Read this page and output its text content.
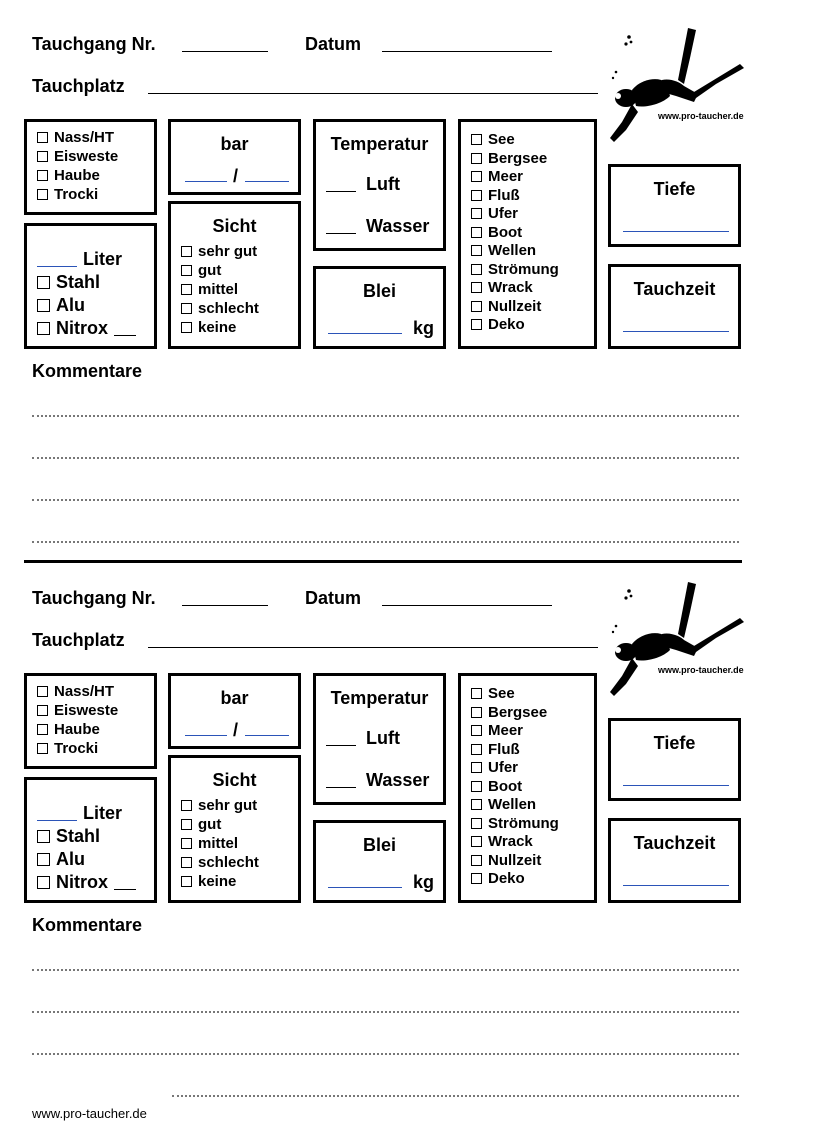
Tauchgang Nr.	Datum
Tauchplatz
www.pro-taucher.de
Nass/HT
Eisweste
Haube
Trocki
Liter
Stahl
Alu
Nitrox
bar
/
Sicht
sehr gut
gut
mittel
schlecht
keine
Temperatur
Luft
Wasser
Blei
kg
See
Bergsee
Meer
Fluß
Ufer
Boot
Wellen
Strömung
Wrack
Nullzeit
Deko
Tiefe
Tauchzeit
Kommentare
Tauchgang Nr.	Datum
Tauchplatz
www.pro-taucher.de
Nass/HT
Eisweste
Haube
Trocki
Liter
Stahl
Alu
Nitrox
bar
/
Sicht
sehr gut
gut
mittel
schlecht
keine
Temperatur
Luft
Wasser
Blei
kg
See
Bergsee
Meer
Fluß
Ufer
Boot
Wellen
Strömung
Wrack
Nullzeit
Deko
Tiefe
Tauchzeit
Kommentare
www.pro-taucher.de
